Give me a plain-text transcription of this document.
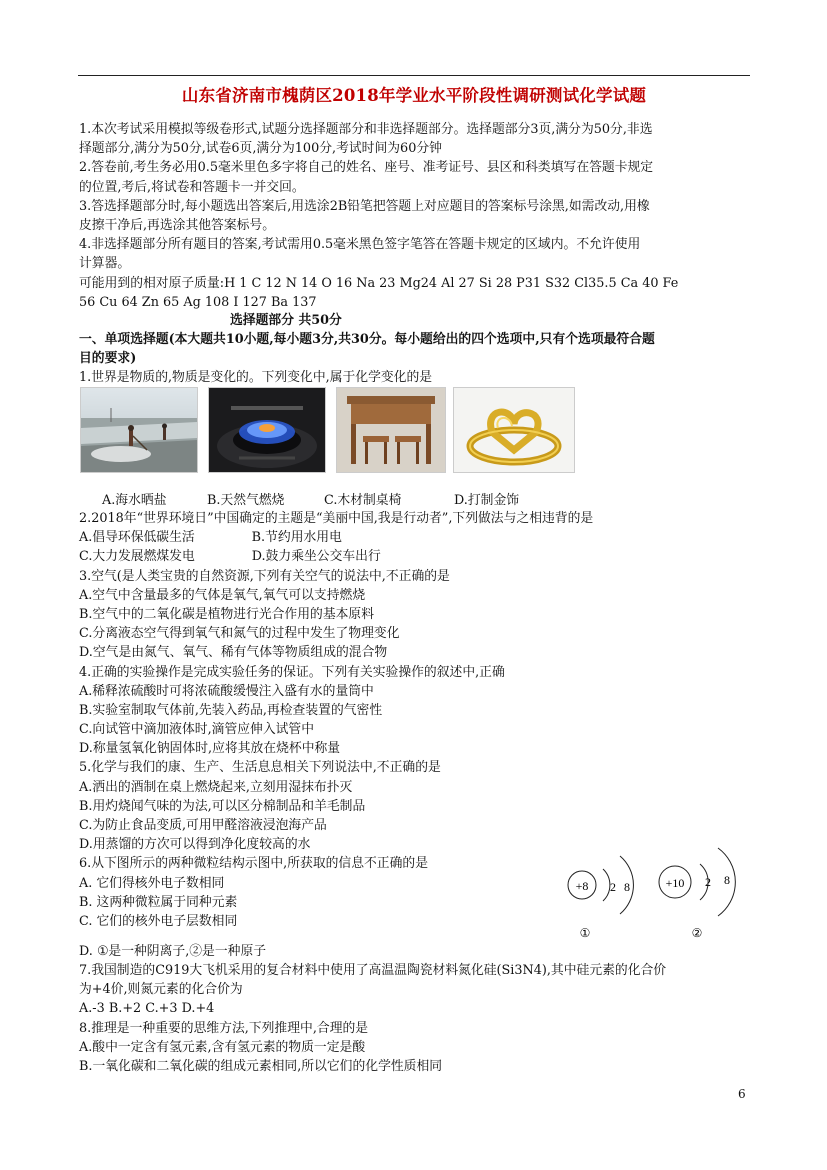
山东省济南市槐荫区2018年学业水平阶段性调研测试化学试题
1.本次考试采用模拟等级卷形式,试题分选择题部分和非选择题部分。选择题部分3页,满分为50分,非选
择题部分,满分为50分,试卷6页,满分为100分,考试时间为60分钟
2.答卷前,考生务必用0.5毫米里色多字将自己的姓名、座号、准考证号、县区和科类填写在答题卡规定
的位置,考后,将试卷和答题卡一并交回。
3.答选择题部分时,每小题选出答案后,用选涂2B铅笔把答题上对应题目的答案标号涂黑,如需改动,用橡
皮擦干净后,再选涂其他答案标号。
4.非选择题部分所有题目的答案,考试需用0.5毫米黑色签字笔答在答题卡规定的区域内。不允许使用
计算器。
可能用到的相对原子质量:H 1 C 12 N 14 O 16 Na 23 Mg24 Al 27 Si 28 P31 S32 Cl35.5 Ca 40 Fe
56 Cu 64 Zn 65 Ag 108 I 127 Ba 137
选择题部分 共50分
一、单项选择题(本大题共10小题,每小题3分,共30分。每小题给出的四个选项中,只有个选项最符合题
目的要求)
1.世界是物质的,物质是变化的。下列变化中,属于化学变化的是
A.海水晒盐	B.天然气燃烧	C.木材制桌椅	D.打制金饰
2.2018年“世界环境日”中国确定的主题是“美丽中国,我是行动者”,下列做法与之相违背的是
A.倡导环保低碳生活              B.节约用水用电
C.大力发展燃煤发电              D.鼓力乘坐公交车出行
3.空气(是人类宝贵的自然资源,下列有关空气的说法中,不正确的是
A.空气中含量最多的气体是氧气,氧气可以支持燃烧
B.空气中的二氧化碳是植物进行光合作用的基本原料
C.分离液态空气得到氧气和氮气的过程中发生了物理变化
D.空气是由氮气、氧气、稀有气体等物质组成的混合物
4.正确的实验操作是完成实验任务的保证。下列有关实验操作的叙述中,正确
A.稀释浓硫酸时可将浓硫酸缓慢注入盛有水的量筒中
B.实验室制取气体前,先装入药品,再检查装置的气密性
C.向试管中滴加液体时,滴管应伸入试管中
D.称量氢氧化钠固体时,应将其放在烧杯中称量
5.化学与我们的康、生产、生活息息相关下列说法中,不正确的是
A.洒出的酒制在桌上燃烧起来,立刻用湿抹布扑灭
B.用灼烧闻气味的为法,可以区分棉制品和羊毛制品
C.为防止食品变质,可用甲醛溶液浸泡海产品
D.用蒸馏的方次可以得到净化度较高的水
6.从下图所示的两种微粒结构示图中,所获取的信息不正确的是
A. 它们得核外电子数相同
B. 这两种微粒属于同种元素
C. 它们的核外电子层数相同
+8 2 8
①
+10 2 8
②
D. ①是一种阴离子,②是一种原子
7.我国制造的C919大飞机采用的复合材料中使用了高温温陶瓷材料氮化硅(Si3N4),其中硅元素的化合价
为+4价,则氮元素的化合价为
A.-3 B.+2 C.+3 D.+4
8.推理是一种重要的思维方法,下列推理中,合理的是
A.酸中一定含有氢元素,含有氢元素的物质一定是酸
B.一氧化碳和二氧化碳的组成元素相同,所以它们的化学性质相同
6
